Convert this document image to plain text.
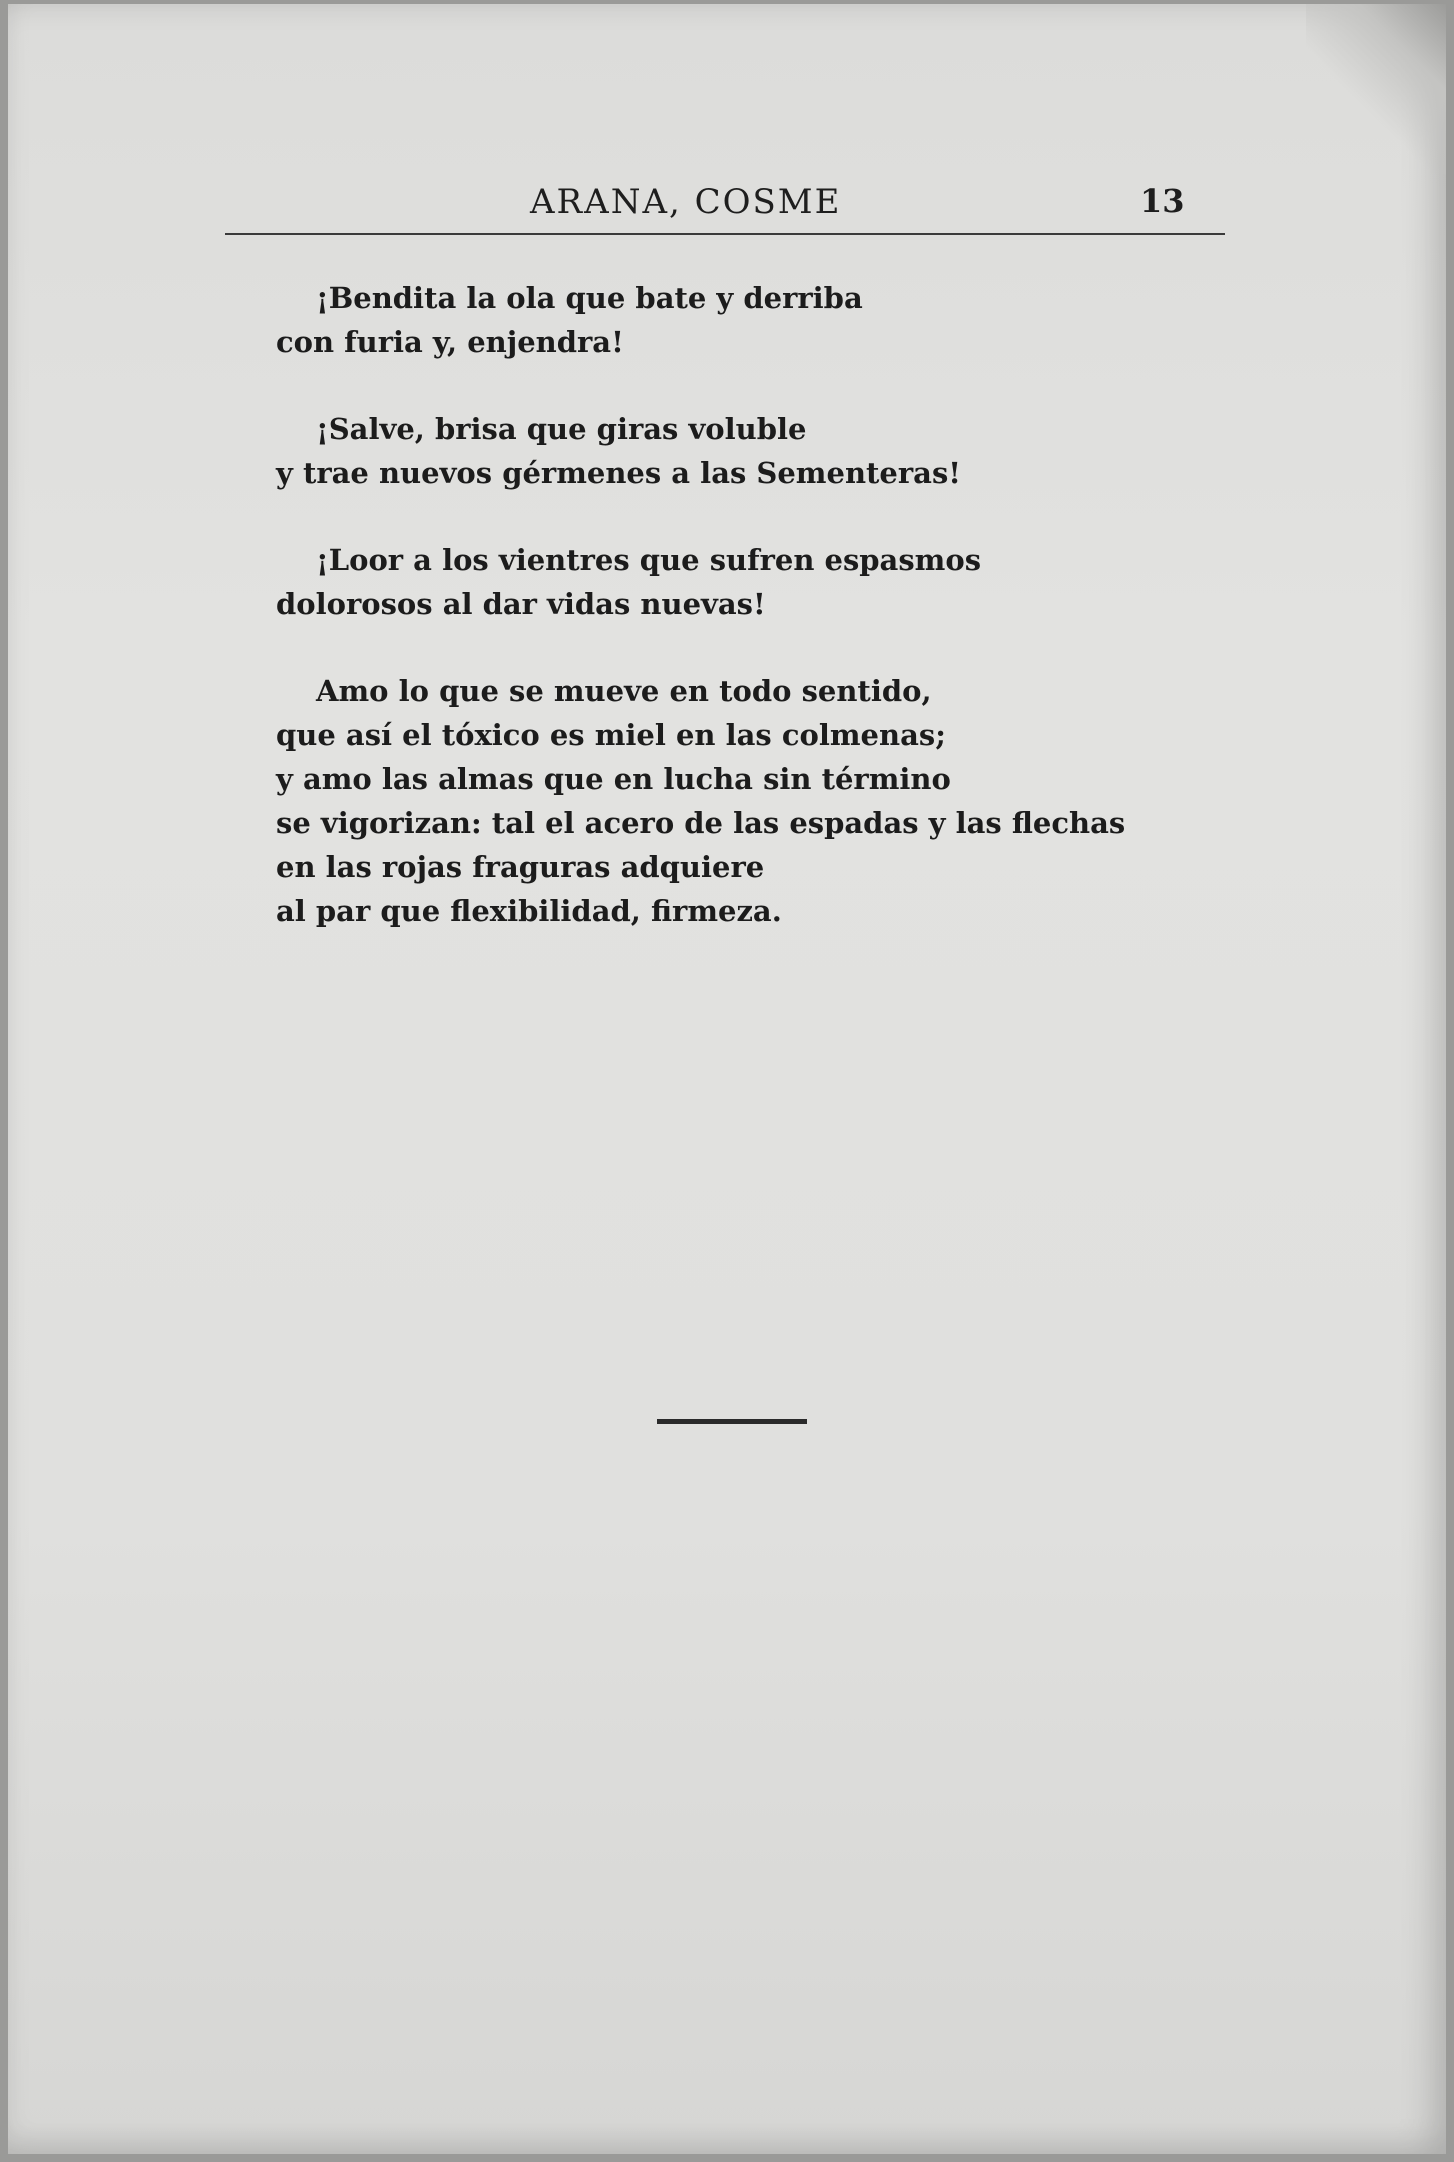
ARANA, COSME	13
¡Bendita la ola que bate y derriba
con furia y, enjendra!
¡Salve, brisa que giras voluble
y trae nuevos gérmenes a las Sementeras!
¡Loor a los vientres que sufren espasmos
dolorosos al dar vidas nuevas!
Amo lo que se mueve en todo sentido,
que así el tóxico es miel en las colmenas;
y amo las almas que en lucha sin término
se vigorizan: tal el acero de las espadas y las flechas
en las rojas fraguras adquiere
al par que flexibilidad, firmeza.
